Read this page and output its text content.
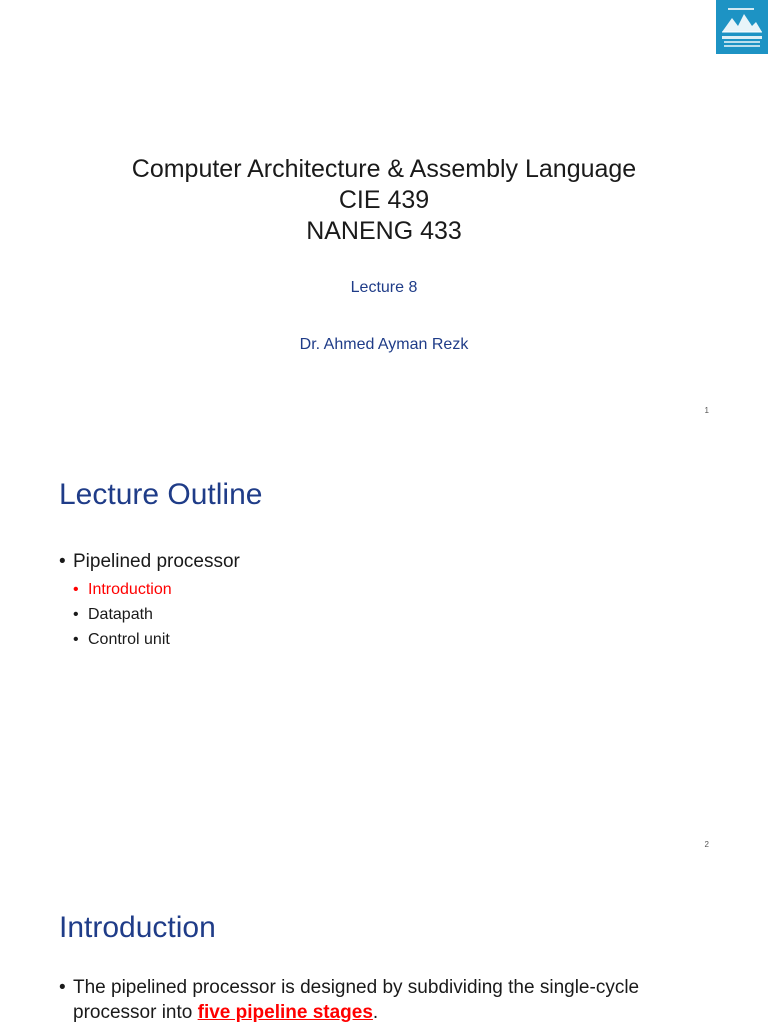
Computer Architecture & Assembly Language
CIE 439
NANENG 433
Lecture 8
Dr. Ahmed Ayman Rezk
1
Lecture Outline
• Pipelined processor
• Introduction
• Datapath
• Control unit
2
Introduction
• The pipelined processor is designed by subdividing the single-cycle processor into five pipeline stages.
